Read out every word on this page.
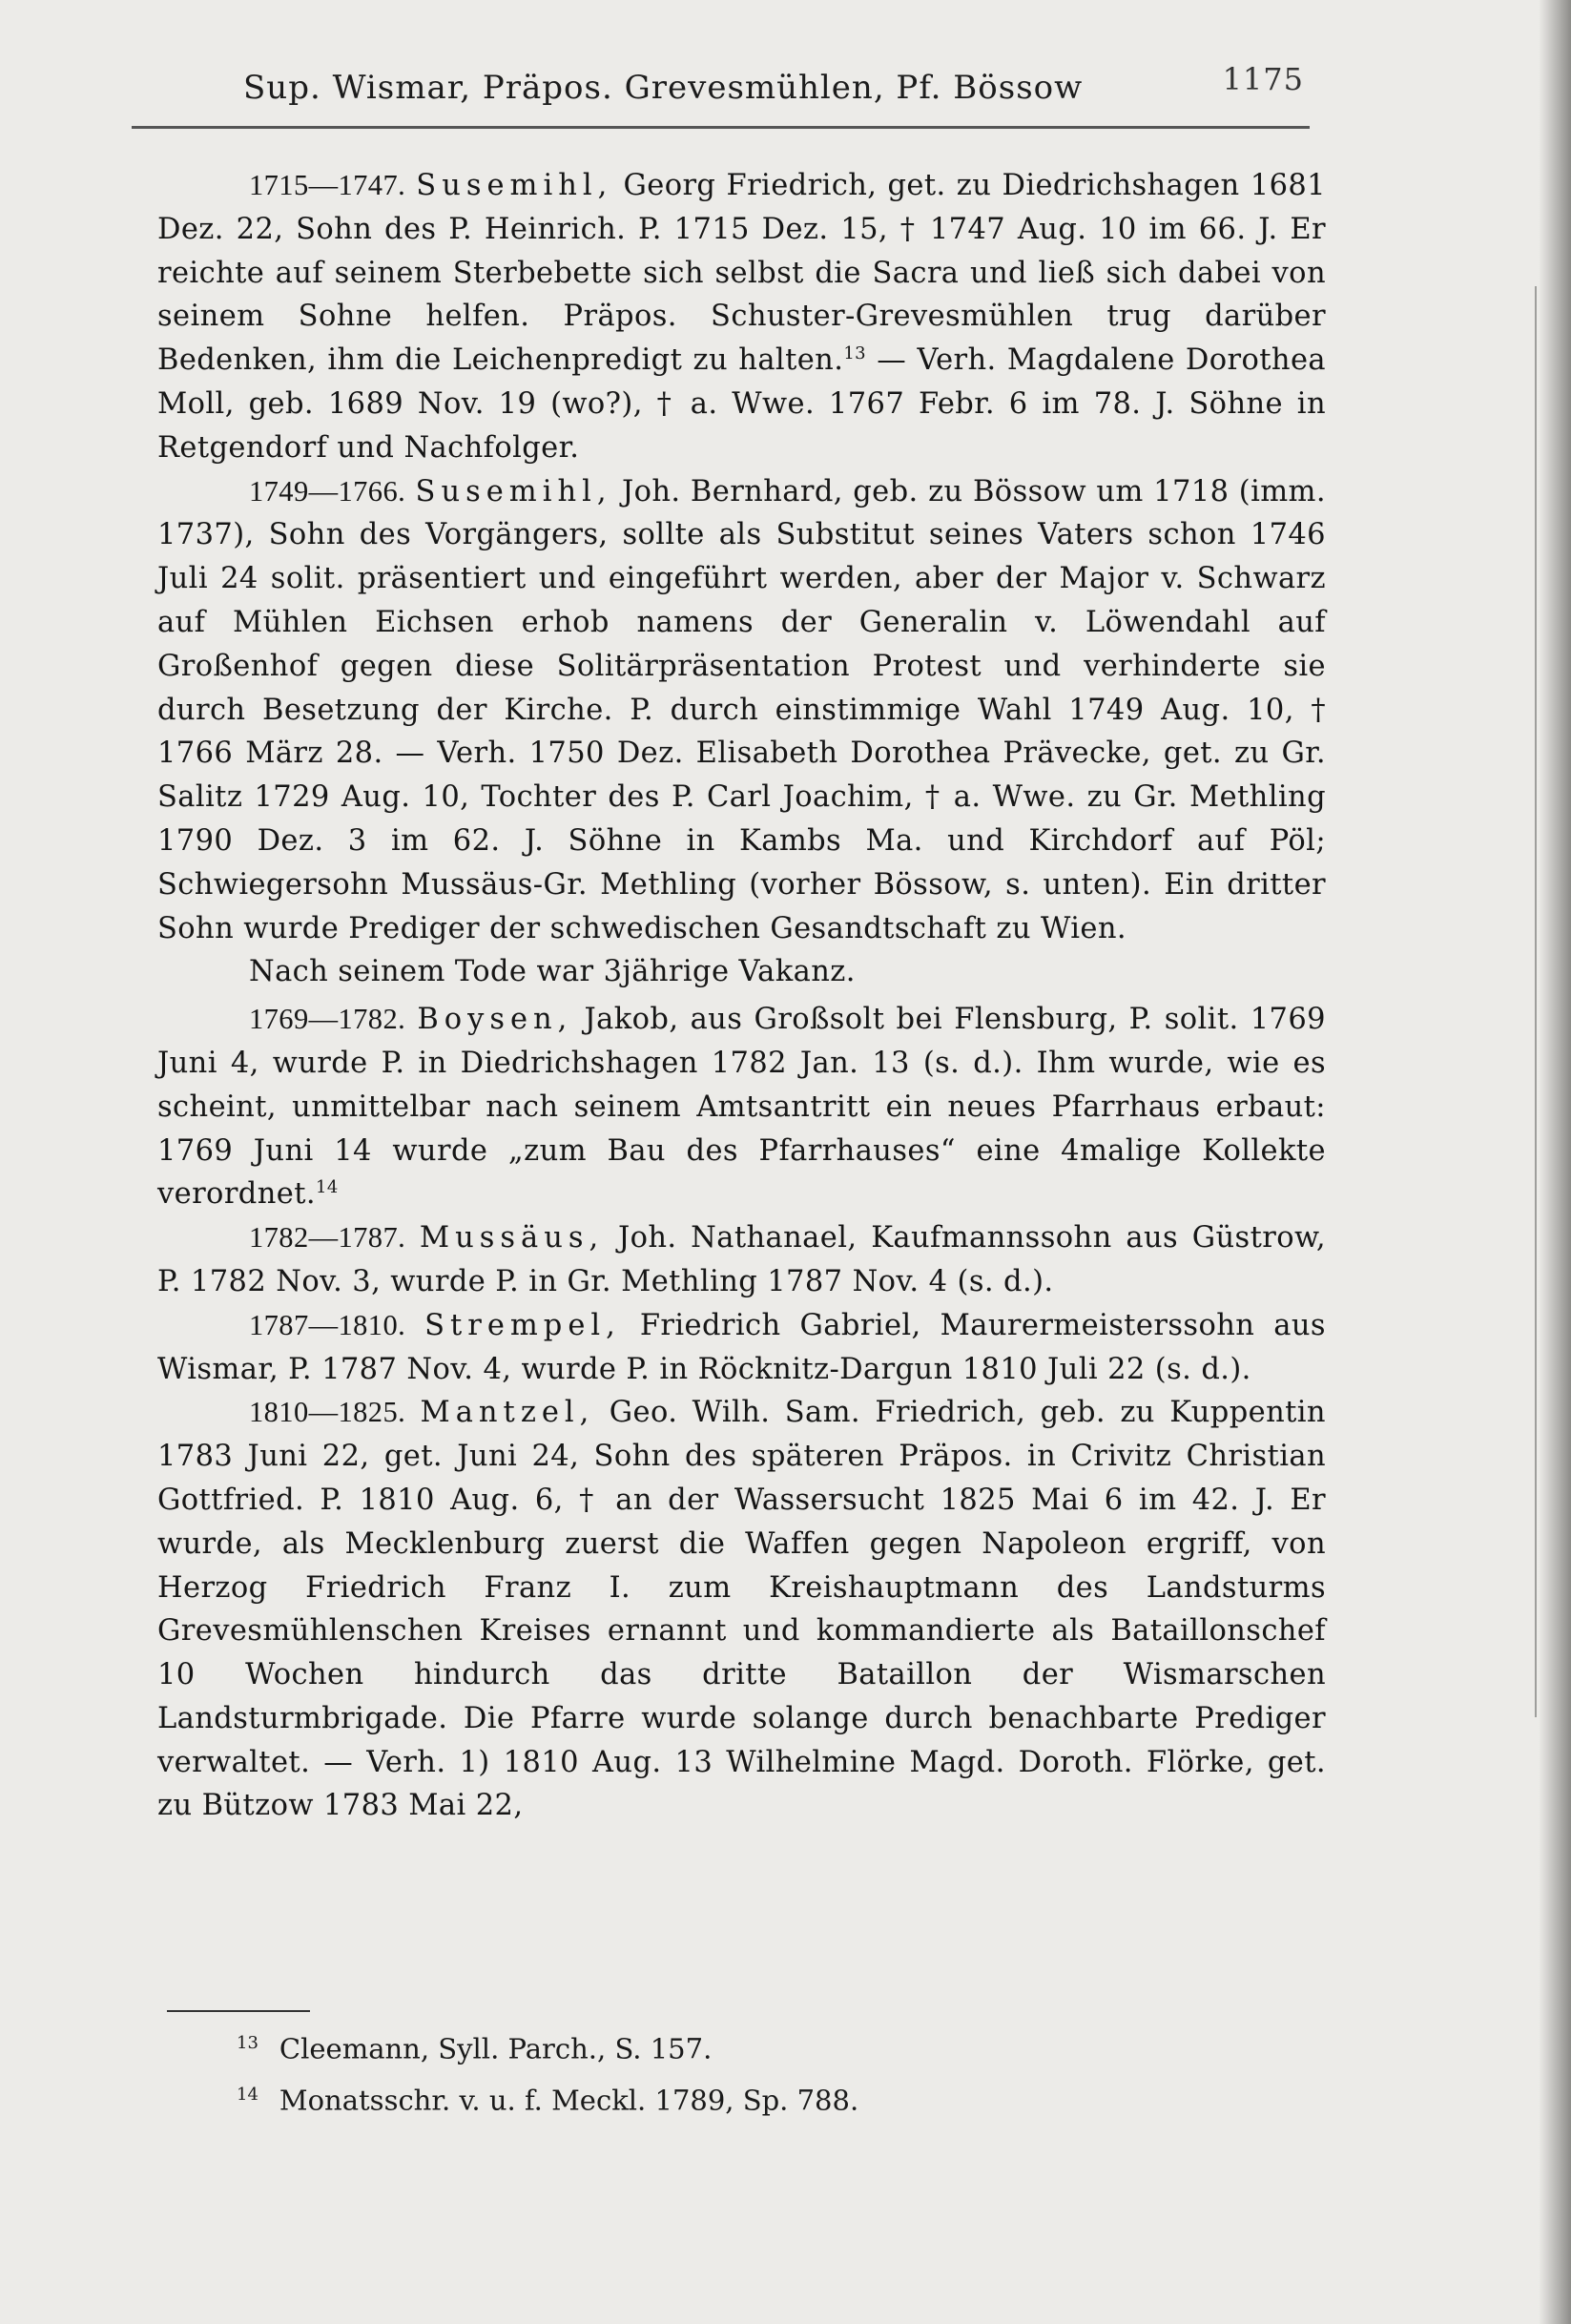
Sup. Wismar, Präpos. Grevesmühlen, Pf. Bössow	1175

1715—1747. Susemihl, Georg Friedrich, get. zu Diedrichshagen 1681 Dez. 22, Sohn des P. Heinrich. P. 1715 Dez. 15, † 1747 Aug. 10 im 66. J. Er reichte auf seinem Sterbebette sich selbst die Sacra und ließ sich dabei von seinem Sohne helfen. Präpos. Schuster-Grevesmühlen trug darüber Bedenken, ihm die Leichenpredigt zu halten.$^{13}$ — Verh. Magdalene Dorothea Moll, geb. 1689 Nov. 19 (wo?), † a. Wwe. 1767 Febr. 6 im 78. J. Söhne in Retgendorf und Nachfolger.

1749—1766. Susemihl, Joh. Bernhard, geb. zu Bössow um 1718 (imm. 1737), Sohn des Vorgängers, sollte als Substitut seines Vaters schon 1746 Juli 24 solit. präsentiert und eingeführt werden, aber der Major v. Schwarz auf Mühlen Eichsen erhob namens der Generalin v. Löwendahl auf Großenhof gegen diese Solitärpräsentation Protest und verhinderte sie durch Besetzung der Kirche. P. durch einstimmige Wahl 1749 Aug. 10, † 1766 März 28. — Verh. 1750 Dez. Elisabeth Dorothea Prävecke, get. zu Gr. Salitz 1729 Aug. 10, Tochter des P. Carl Joachim, † a. Wwe. zu Gr. Methling 1790 Dez. 3 im 62. J. Söhne in Kambs Ma. und Kirchdorf auf Pöl; Schwiegersohn Mussäus-Gr. Methling (vorher Bössow, s. unten). Ein dritter Sohn wurde Prediger der schwedischen Gesandtschaft zu Wien.

Nach seinem Tode war 3jährige Vakanz.

1769—1782. Boysen, Jakob, aus Großsolt bei Flensburg, P. solit. 1769 Juni 4, wurde P. in Diedrichshagen 1782 Jan. 13 (s. d.). Ihm wurde, wie es scheint, unmittelbar nach seinem Amtsantritt ein neues Pfarrhaus erbaut: 1769 Juni 14 wurde „zum Bau des Pfarrhauses“ eine 4malige Kollekte verordnet.$^{14}$

1782—1787. Mussäus, Joh. Nathanael, Kaufmannssohn aus Güstrow, P. 1782 Nov. 3, wurde P. in Gr. Methling 1787 Nov. 4 (s. d.).

1787—1810. Strempel, Friedrich Gabriel, Maurermeisterssohn aus Wismar, P. 1787 Nov. 4, wurde P. in Röcknitz-Dargun 1810 Juli 22 (s. d.).

1810—1825. Mantzel, Geo. Wilh. Sam. Friedrich, geb. zu Kuppentin 1783 Juni 22, get. Juni 24, Sohn des späteren Präpos. in Crivitz Christian Gottfried. P. 1810 Aug. 6, † an der Wassersucht 1825 Mai 6 im 42. J. Er wurde, als Mecklenburg zuerst die Waffen gegen Napoleon ergriff, von Herzog Friedrich Franz I. zum Kreishauptmann des Landsturms Grevesmühlenschen Kreises ernannt und kommandierte als Bataillonschef 10 Wochen hindurch das dritte Bataillon der Wismarschen Landsturmbrigade. Die Pfarre wurde solange durch benachbarte Prediger verwaltet. — Verh. 1) 1810 Aug. 13 Wilhelmine Magd. Doroth. Flörke, get. zu Bützow 1783 Mai 22,

$^{13}$ Cleemann, Syll. Parch., S. 157.
$^{14}$ Monatsschr. v. u. f. Meckl. 1789, Sp. 788.
